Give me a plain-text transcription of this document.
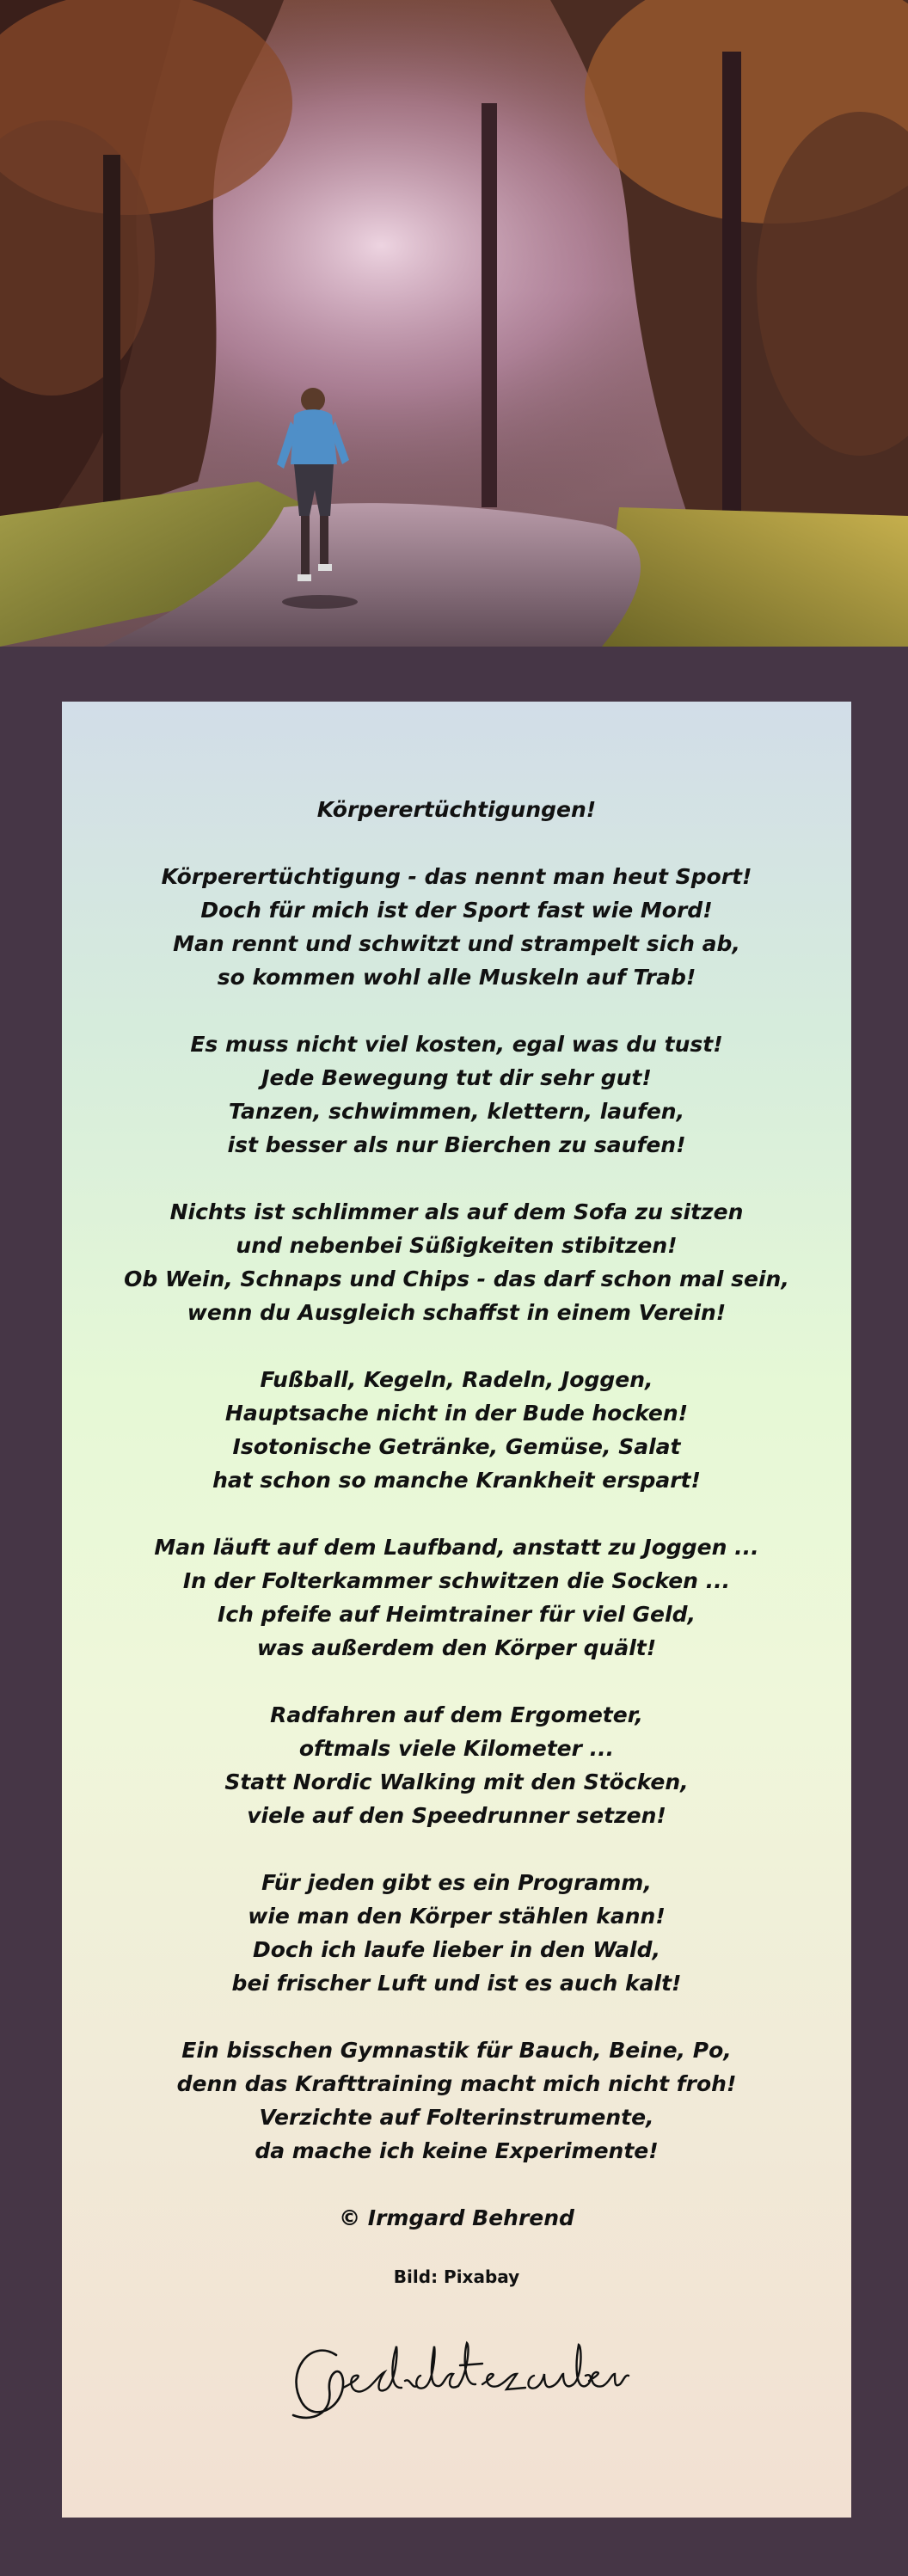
Körperertüchtigungen!
Körperertüchtigung - das nennt man heut Sport!
Doch für mich ist der Sport fast wie Mord!
Man rennt und schwitzt und strampelt sich ab,
so kommen wohl alle Muskeln auf Trab!
Es muss nicht viel kosten, egal was du tust!
Jede Bewegung tut dir sehr gut!
Tanzen, schwimmen, klettern, laufen,
ist besser als nur Bierchen zu saufen!
Nichts ist schlimmer als auf dem Sofa zu sitzen
und nebenbei Süßigkeiten stibitzen!
Ob Wein, Schnaps und Chips - das darf schon mal sein,
wenn du Ausgleich schaffst in einem Verein!
Fußball, Kegeln, Radeln, Joggen,
Hauptsache nicht in der Bude hocken!
Isotonische Getränke, Gemüse, Salat
hat schon so manche Krankheit erspart!
Man läuft auf dem Laufband, anstatt zu Joggen ...
In der Folterkammer schwitzen die Socken ...
Ich pfeife auf Heimtrainer für viel Geld,
was außerdem den Körper quält!
Radfahren auf dem Ergometer,
oftmals viele Kilometer ...
Statt Nordic Walking mit den Stöcken,
viele auf den Speedrunner setzen!
Für jeden gibt es ein Programm,
wie man den Körper stählen kann!
Doch ich laufe lieber in den Wald,
bei frischer Luft und ist es auch kalt!
Ein bisschen Gymnastik für Bauch, Beine, Po,
denn das Krafttraining macht mich nicht froh!
Verzichte auf Folterinstrumente,
da mache ich keine Experimente!
© Irmgard Behrend
Bild: Pixabay
